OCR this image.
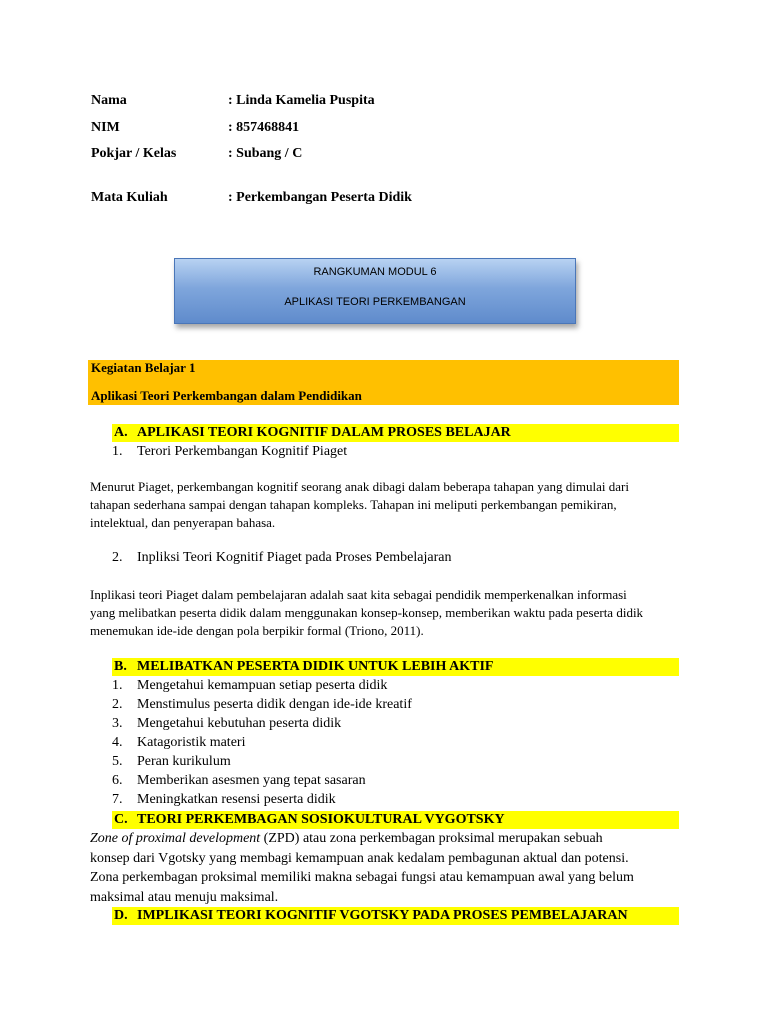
Nama	: Linda Kamelia Puspita
NIM	: 857468841
Pokjar / Kelas	: Subang / C
Mata Kuliah	: Perkembangan Peserta Didik
RANGKUMAN MODUL 6
APLIKASI TEORI PERKEMBANGAN
Kegiatan Belajar 1
Aplikasi Teori Perkembangan dalam Pendidikan
A. APLIKASI TEORI KOGNITIF DALAM PROSES BELAJAR
1. Terori Perkembangan Kognitif Piaget
Menurut Piaget, perkembangan kognitif seorang anak dibagi dalam beberapa tahapan yang dimulai dari
tahapan sederhana sampai dengan tahapan kompleks. Tahapan ini meliputi perkembangan pemikiran,
intelektual, dan penyerapan bahasa.
2. Inpliksi Teori Kognitif Piaget pada Proses Pembelajaran
Inplikasi teori Piaget dalam pembelajaran adalah saat kita sebagai pendidik memperkenalkan informasi
yang melibatkan peserta didik dalam menggunakan konsep-konsep, memberikan waktu pada peserta didik
menemukan ide-ide dengan pola berpikir formal (Triono, 2011).
B. MELIBATKAN PESERTA DIDIK UNTUK LEBIH AKTIF
1. Mengetahui kemampuan setiap peserta didik
2. Menstimulus peserta didik dengan ide-ide kreatif
3. Mengetahui kebutuhan peserta didik
4. Katagoristik materi
5. Peran kurikulum
6. Memberikan asesmen yang tepat sasaran
7. Meningkatkan resensi peserta didik
C. TEORI PERKEMBAGAN SOSIOKULTURAL VYGOTSKY
Zone of proximal development (ZPD) atau zona perkembagan proksimal merupakan sebuah
konsep dari Vgotsky yang membagi kemampuan anak kedalam pembagunan aktual dan potensi.
Zona perkembagan proksimal memiliki makna sebagai fungsi atau kemampuan awal yang belum
maksimal atau menuju maksimal.
D. IMPLIKASI TEORI KOGNITIF VGOTSKY PADA PROSES PEMBELAJARAN
